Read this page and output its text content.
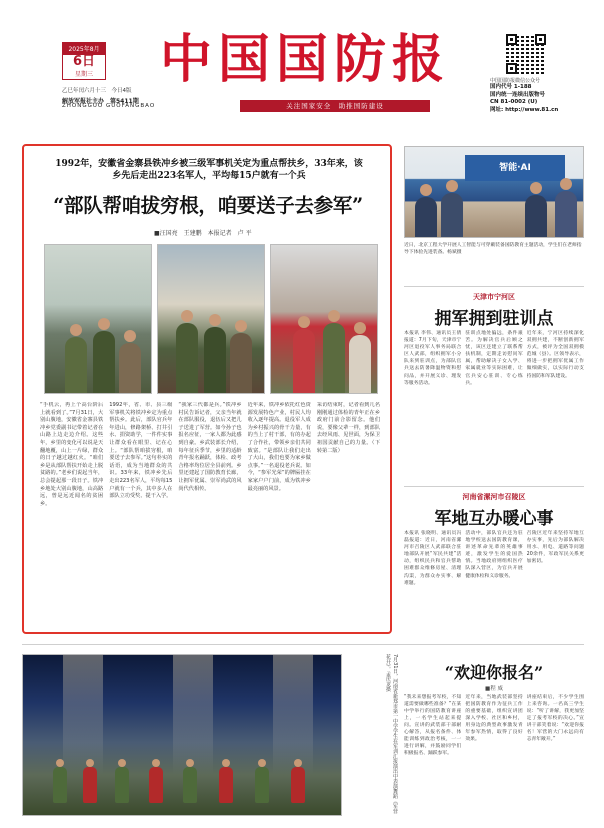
2025年8月
6日
星期三
乙巳年闰六月十三　今日4版
解放军报社主办　第5411期
ZHONGGUO GUOFANGBAO
中国国防报
关注国家安全　助推国防建设
中国国防报微信公众号
国内代号 1-188
国内统一连续出版物号
CN 81-0002 (U)
网址: http://www.81.cn
1992年，安徽省金寨县铁冲乡被三级军事机关定为重点帮扶乡，33年来，该乡先后走出223名军人，平均每15户就有一个兵
“部队帮咱拔穷根，咱要送子去参军”
■汪国亮　王建鹏　本报记者　卢 平
“手机云，再上个高台阶后上就看到了。”7月31日，大别山腹地，安徽省金寨县铁冲乡党委副书记带着记者在山路上边走边介绍。这些年，乡里的变化可以说是天翻地覆，山上一片绿，群众的日子越过越红火。“咱们乡是从部队帮扶开始走上脱贫路的。”老乡们说起当年，总会提起那一段日子。铁冲乡地处大别山腹地，山高路远，曾是远近闻名的贫困乡。
1992年，省、市、县三级军事机关将铁冲乡定为重点帮扶乡。此后，部队官兵年年进山，修路架桥、打井引水、捐资助学，一件件实事让群众看在眼里、记在心上。“部队帮咱拔穷根，咱要送子去参军。”这句朴实的话语，成为当地群众的共识。33年来，铁冲乡先后走出223名军人，平均每15户就有一个兵，其中多人在部队立功受奖、提干入学。
“我家三代都是兵。”铁冲乡村民告诉记者，父亲当年就在部队服役，退伍后又把儿子送进了军营。如今孙子也报名应征，一家人都为此感到自豪。乡武装部长介绍，每年征兵季节，乡里的适龄青年报名踊跃，体检、政考合格率均位居全县前列。乡里还建起了国防教育长廊，让拥军优属、崇军尚武的风尚代代相传。
近年来，铁冲乡依托红色资源发展特色产业，村民人均收入逐年提高。退役军人成为乡村振兴的骨干力量，有的当上了村干部，有的办起了合作社，带领乡亲们共同致富。“是部队让我们走出了大山，我们也要为家乡做点事。”一名退役老兵说。如今，“参军光荣”的牌匾挂在家家户户门前，成为铁冲乡最亮丽的风景。
采访结束时，记者看到几名刚刚通过体检的青年正在乡政府门前合影留念。他们说，要像父辈一样，到部队去经风雨、见世面，为保卫祖国贡献自己的力量。（下转第二版）
智能·AI
近日，北京工程大学开展人工智能与可穿戴装备国防教育主题活动，学生们在老师指导下体验先进装备。杨斌摄
天津市宁河区
拥军拥到驻训点
本报讯 李伟、通讯员王倩报道：7月下旬，天津市宁河区退役军人事务局联合区人武部，组织拥军小分队来到驻训点，为部队官兵送去防暑降温物资和慰问品，并开展义诊、理发等服务活动。
驻训点地处偏远，条件艰苦。为解决官兵后顾之忧，该区还建立了联系帮扶机制，定期走访慰问军属，帮助解决子女入学、家属就业等实际困难，让官兵安心驻训、专心练兵。
近年来，宁河区持续深化双拥共建，不断创新拥军方式，被评为全国双拥模范城（县）。区领导表示，将进一步把拥军优属工作做细做实，以实际行动支持国防和军队建设。
河南省漯河市召陵区
军地互办暖心事
本报讯 张晓明、通讯员冯磊报道：近日，河南省漯河市召陵区人武部联合驻地部队开展“军民共建”活动，组织民兵和官兵帮助困难群众维修房屋、清理沟渠，为群众办实事、解难题。
活动中，部队官兵还为驻地学校送去国防教育课，讲述革命先辈的英雄事迹，激发学生的爱国热情。当地政府则组织医疗队深入营区，为官兵开展健康体检和义诊服务。
召陵区近年来坚持军地互办实事，先后为部队解决用水、用电、道路等问题20余件，军政军民关系更加密切。
7月31日，河南省新郑市第一中学学生在军训汇报演出中表演舞蹈《军营花开》。孟庆龙摄	“欢迎你报名”
■程 威
“我未来想报考军校，不知道需要做哪些准备？”在某中学举行的国防教育讲座上，一名学生站起来提问。宣讲的武装部干部耐心解答，从报名条件、体能训练到政治考核，一一进行讲解，并鼓励同学们积极报名、踊跃参军。
近年来，当地武装部坚持把国防教育作为征兵工作的重要基础，组织宣讲团深入学校、社区和乡村，用身边的典型故事激发青年参军热情，取得了良好效果。
讲座结束后，不少学生围上来咨询。一名高三学生说：“听了讲解，我更加坚定了报考军校的决心。”宣讲干部笑着说：“欢迎你报名！军营的大门永远向有志青年敞开。”
